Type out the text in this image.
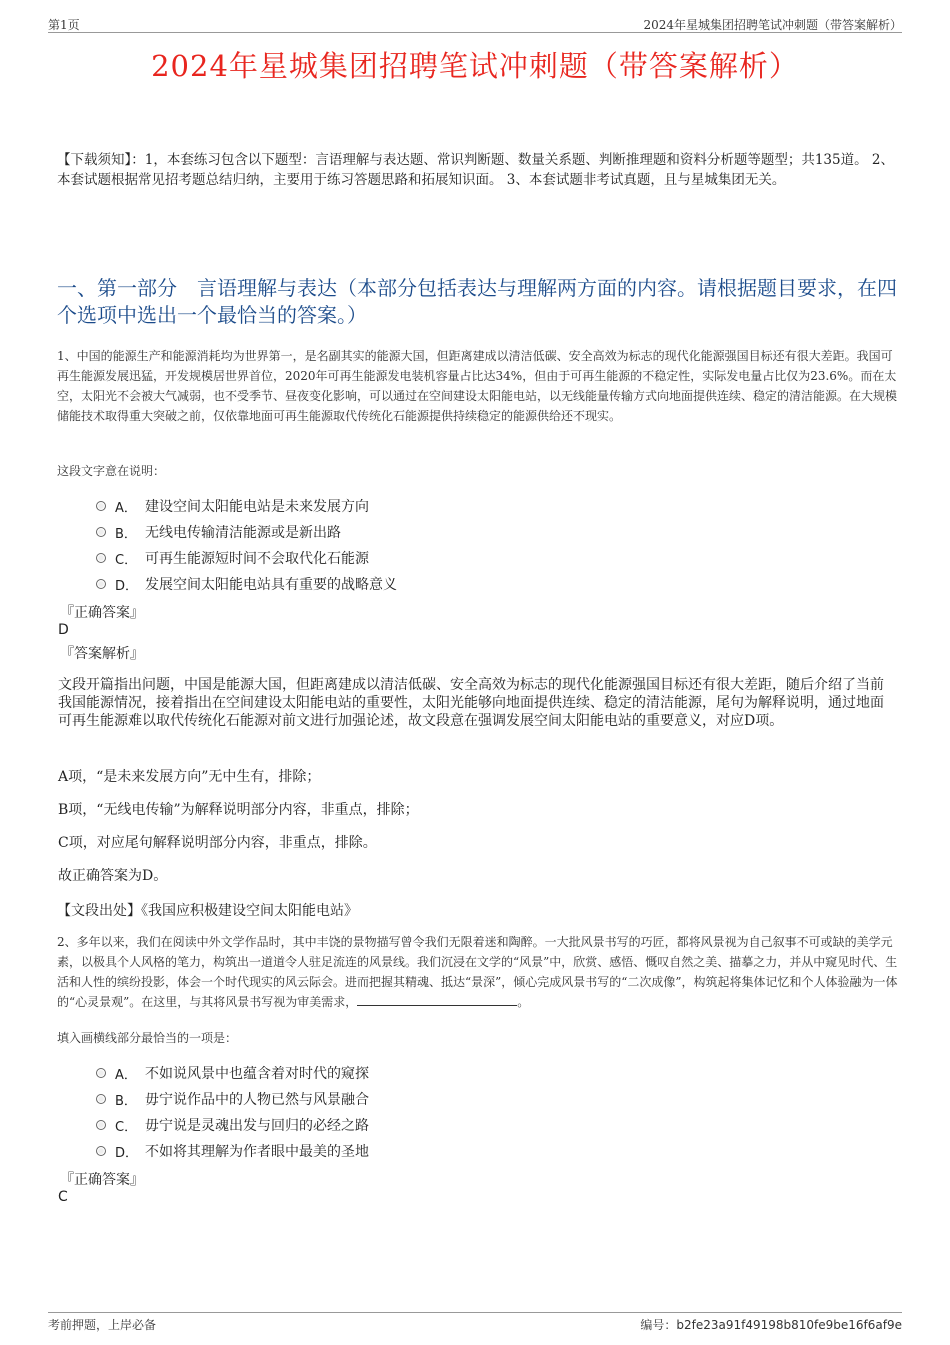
第1页	2024年星城集团招聘笔试冲刺题（带答案解析）
2024年星城集团招聘笔试冲刺题（带答案解析）
【下载须知】：1，本套练习包含以下题型：言语理解与表达题、常识判断题、数量关系题、判断推理题和资料分析题等题型；共135道。 2、本套试题根据常见招考题总结归纳，主要用于练习答题思路和拓展知识面。 3、本套试题非考试真题，且与星城集团无关。
一、第一部分　言语理解与表达（本部分包括表达与理解两方面的内容。请根据题目要求，在四个选项中选出一个最恰当的答案。）
1、中国的能源生产和能源消耗均为世界第一，是名副其实的能源大国，但距离建成以清洁低碳、安全高效为标志的现代化能源强国目标还有很大差距。我国可再生能源发展迅猛，开发规模居世界首位，2020年可再生能源发电装机容量占比达34%，但由于可再生能源的不稳定性，实际发电量占比仅为23.6%。而在太空，太阳光不会被大气减弱，也不受季节、昼夜变化影响，可以通过在空间建设太阳能电站，以无线能量传输方式向地面提供连续、稳定的清洁能源。在大规模储能技术取得重大突破之前，仅依靠地面可再生能源取代传统化石能源提供持续稳定的能源供给还不现实。
这段文字意在说明：
A． 建设空间太阳能电站是未来发展方向
B． 无线电传输清洁能源或是新出路
C． 可再生能源短时间不会取代化石能源
D． 发展空间太阳能电站具有重要的战略意义
『正确答案』
D
『答案解析』
文段开篇指出问题，中国是能源大国，但距离建成以清洁低碳、安全高效为标志的现代化能源强国目标还有很大差距，随后介绍了当前我国能源情况，接着指出在空间建设太阳能电站的重要性，太阳光能够向地面提供连续、稳定的清洁能源，尾句为解释说明，通过地面可再生能源难以取代传统化石能源对前文进行加强论述，故文段意在强调发展空间太阳能电站的重要意义，对应D项。
A项，“是未来发展方向”无中生有，排除；
B项，“无线电传输”为解释说明部分内容，非重点，排除；
C项，对应尾句解释说明部分内容，非重点，排除。
故正确答案为D。
【文段出处】《我国应积极建设空间太阳能电站》
2、多年以来，我们在阅读中外文学作品时，其中丰饶的景物描写曾令我们无限着迷和陶醉。一大批风景书写的巧匠，都将风景视为自己叙事不可或缺的美学元素，以极具个人风格的笔力，构筑出一道道令人驻足流连的风景线。我们沉浸在文学的“风景”中，欣赏、感悟、慨叹自然之美、描摹之力，并从中窥见时代、生活和人性的缤纷投影，体会一个时代现实的风云际会。进而把握其精魂、抵达“景深”，倾心完成风景书写的“二次成像”，构筑起将集体记忆和个人体验融为一体的“心灵景观”。在这里，与其将风景书写视为审美需求，	。
填入画横线部分最恰当的一项是：
A． 不如说风景中也蕴含着对时代的窥探
B． 毋宁说作品中的人物已然与风景融合
C． 毋宁说是灵魂出发与回归的必经之路
D． 不如将其理解为作者眼中最美的圣地
『正确答案』
C
考前押题，上岸必备	编号：b2fe23a91f49198b810fe9be16f6af9e
